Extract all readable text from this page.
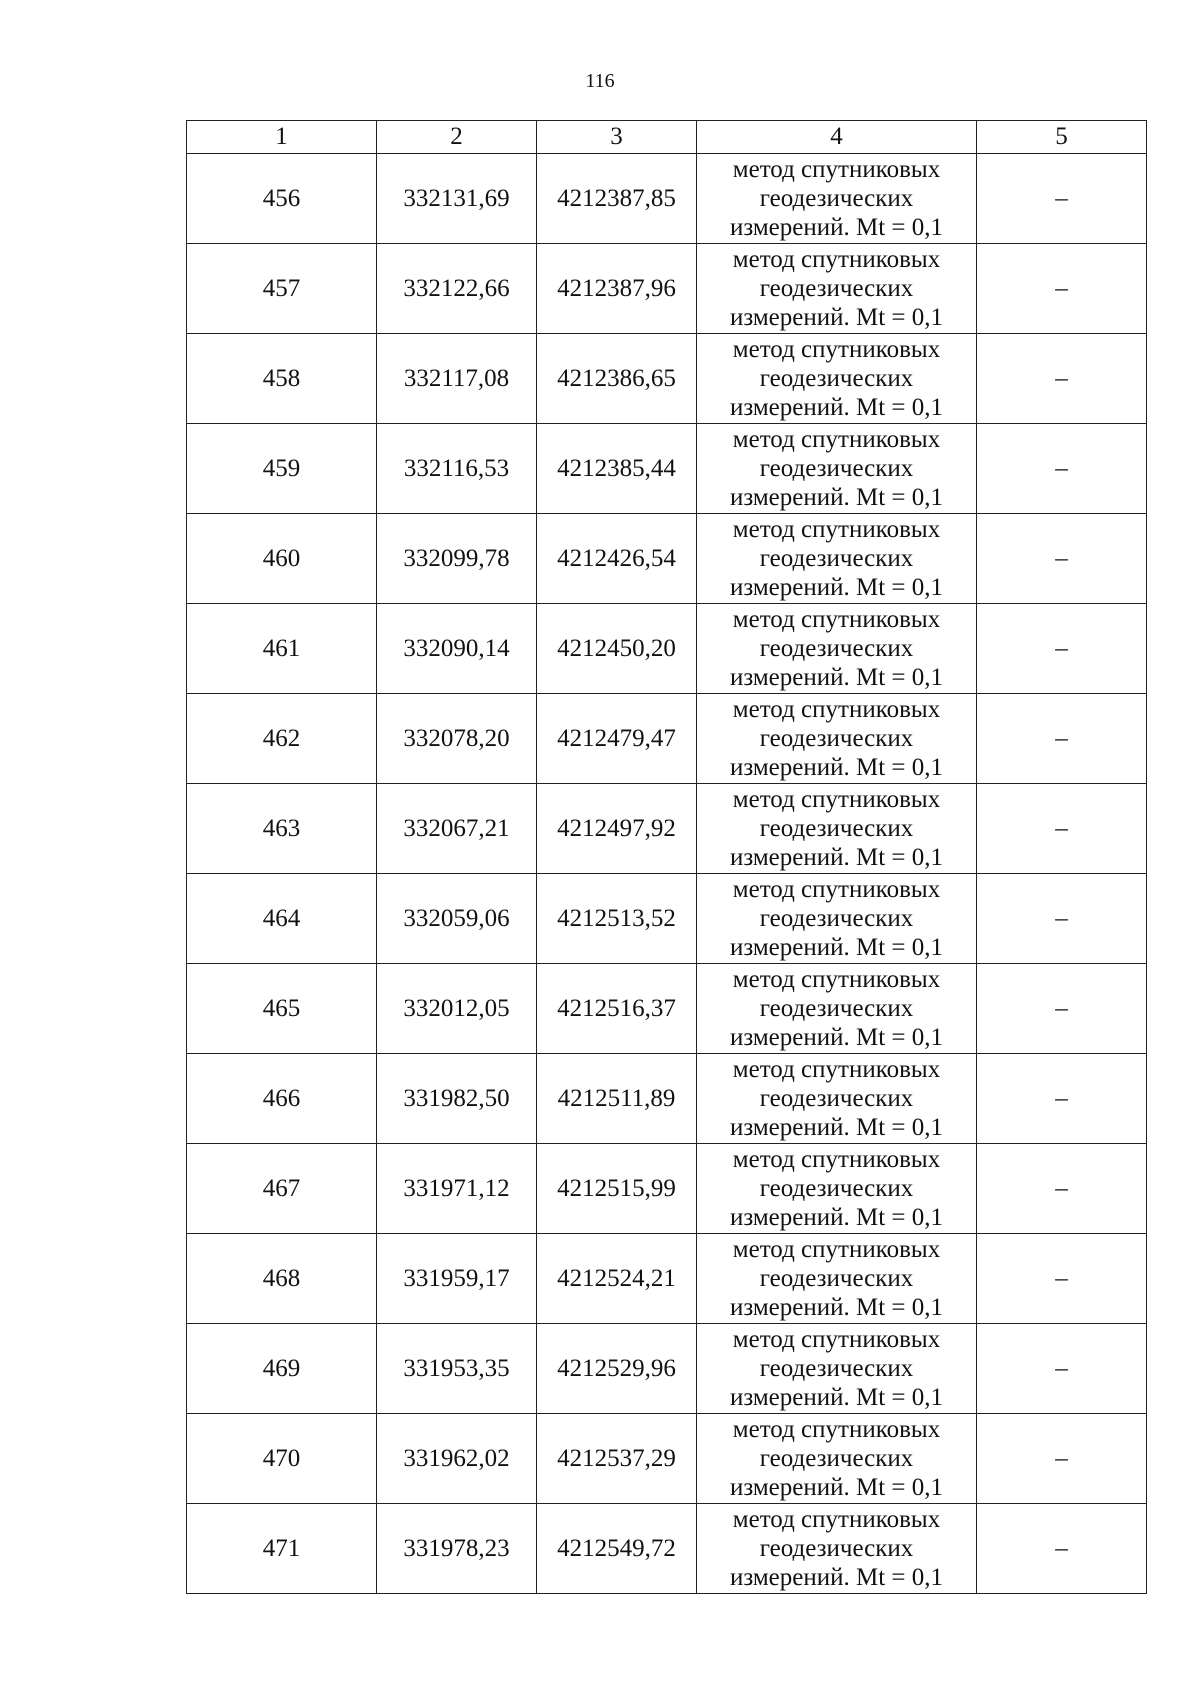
116
1	2	3	4	5
456	332131,69	4212387,85	метод спутниковых
геодезических
измерений. Mt = 0,1	–
457	332122,66	4212387,96	метод спутниковых
геодезических
измерений. Mt = 0,1	–
458	332117,08	4212386,65	метод спутниковых
геодезических
измерений. Mt = 0,1	–
459	332116,53	4212385,44	метод спутниковых
геодезических
измерений. Mt = 0,1	–
460	332099,78	4212426,54	метод спутниковых
геодезических
измерений. Mt = 0,1	–
461	332090,14	4212450,20	метод спутниковых
геодезических
измерений. Mt = 0,1	–
462	332078,20	4212479,47	метод спутниковых
геодезических
измерений. Mt = 0,1	–
463	332067,21	4212497,92	метод спутниковых
геодезических
измерений. Mt = 0,1	–
464	332059,06	4212513,52	метод спутниковых
геодезических
измерений. Mt = 0,1	–
465	332012,05	4212516,37	метод спутниковых
геодезических
измерений. Mt = 0,1	–
466	331982,50	4212511,89	метод спутниковых
геодезических
измерений. Mt = 0,1	–
467	331971,12	4212515,99	метод спутниковых
геодезических
измерений. Mt = 0,1	–
468	331959,17	4212524,21	метод спутниковых
геодезических
измерений. Mt = 0,1	–
469	331953,35	4212529,96	метод спутниковых
геодезических
измерений. Mt = 0,1	–
470	331962,02	4212537,29	метод спутниковых
геодезических
измерений. Mt = 0,1	–
471	331978,23	4212549,72	метод спутниковых
геодезических
измерений. Mt = 0,1	–
